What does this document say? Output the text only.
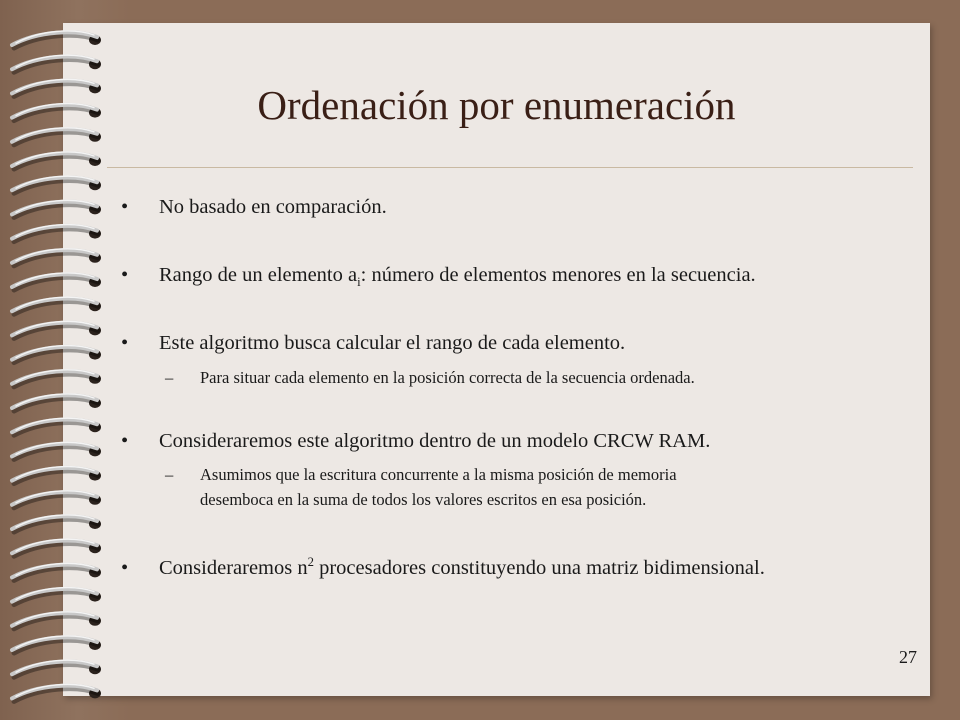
Ordenación por enumeración
• No basado en comparación.
• Rango de un elemento $a_i$: número de elementos menores en la secuencia.
• Este algoritmo busca calcular el rango de cada elemento.
– Para situar cada elemento en la posición correcta de la secuencia ordenada.
• Consideraremos este algoritmo dentro de un modelo CRCW RAM.
– Asumimos que la escritura concurrente a la misma posición de memoria
desemboca en la suma de todos los valores escritos en esa posición.
• Consideraremos $n^2$ procesadores constituyendo una matriz bidimensional.
27
